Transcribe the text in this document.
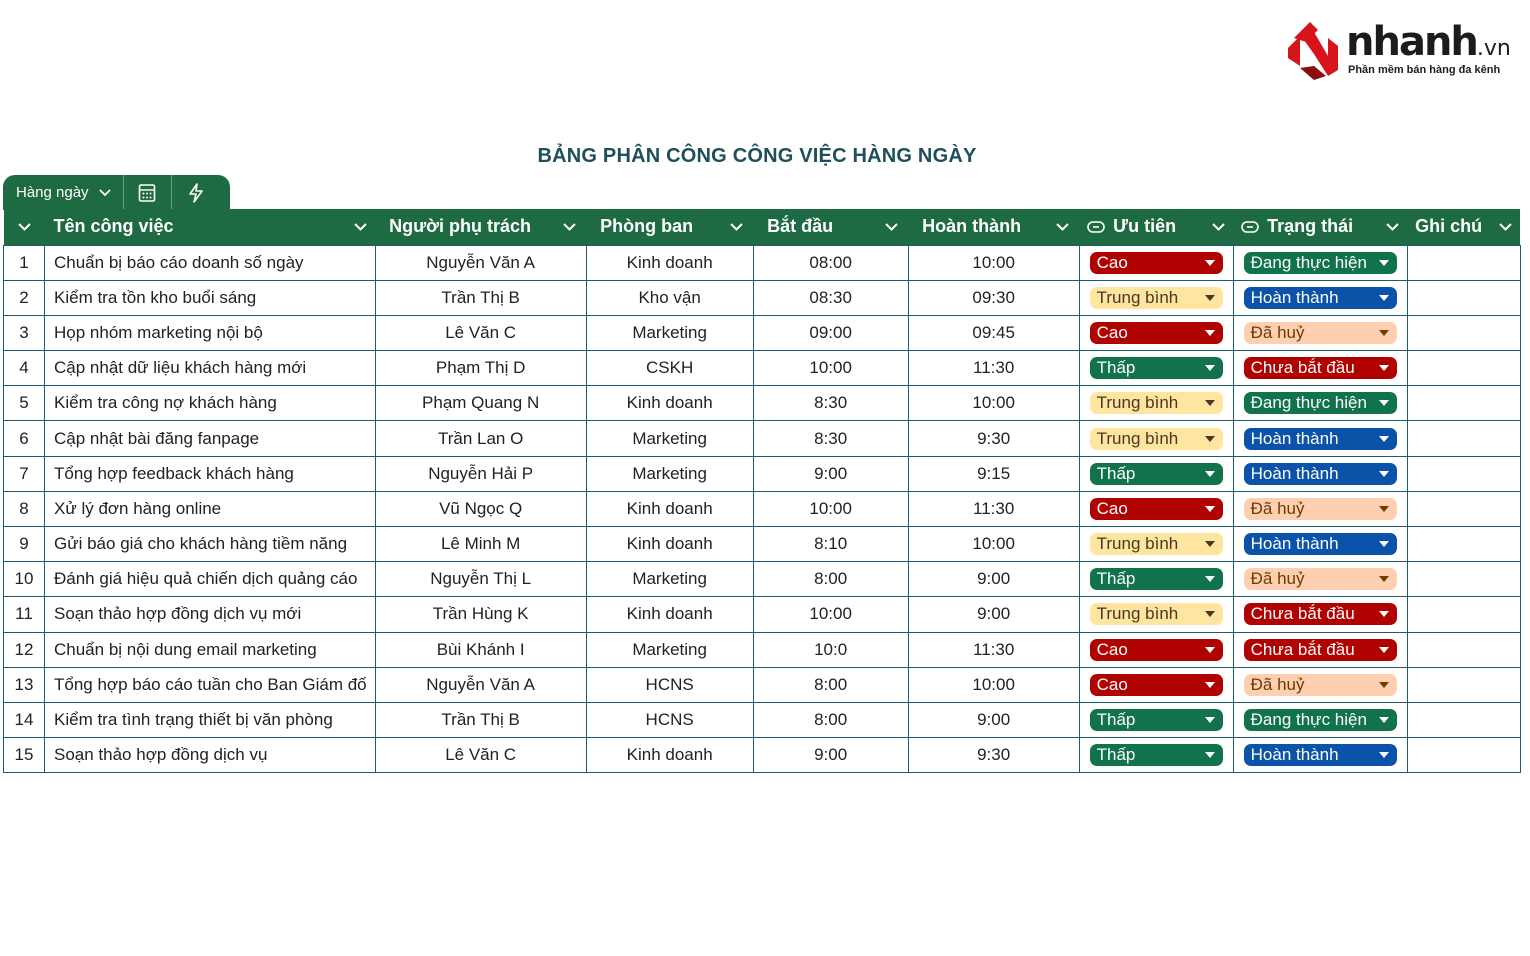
nhanh.vn
Phần mềm bán hàng đa kênh
BẢNG PHÂN CÔNG CÔNG VIỆC HÀNG NGÀY
Hàng ngày

Tên công việc	Người phụ trách	Phòng ban	Bắt đầu	Hoàn thành	Ưu tiên	Trạng thái	Ghi chú

1	Chuẩn bị báo cáo doanh số ngày	Nguyễn Văn A	Kinh doanh	08:00	10:00	Cao	Đang thực hiện	

2	Kiểm tra tồn kho buổi sáng	Trần Thị B	Kho vận	08:30	09:30	Trung bình	Hoàn thành	

3	Họp nhóm marketing nội bộ	Lê Văn C	Marketing	09:00	09:45	Cao	Đã huỷ	

4	Cập nhật dữ liệu khách hàng mới	Phạm Thị D	CSKH	10:00	11:30	Thấp	Chưa bắt đầu	

5	Kiểm tra công nợ khách hàng	Phạm Quang N	Kinh doanh	8:30	10:00	Trung bình	Đang thực hiện	

6	Cập nhật bài đăng fanpage	Trần Lan O	Marketing	8:30	9:30	Trung bình	Hoàn thành	

7	Tổng hợp feedback khách hàng	Nguyễn Hải P	Marketing	9:00	9:15	Thấp	Hoàn thành	

8	Xử lý đơn hàng online	Vũ Ngọc Q	Kinh doanh	10:00	11:30	Cao	Đã huỷ	

9	Gửi báo giá cho khách hàng tiềm năng	Lê Minh M	Kinh doanh	8:10	10:00	Trung bình	Hoàn thành	

10	Đánh giá hiệu quả chiến dịch quảng cáo	Nguyễn Thị L	Marketing	8:00	9:00	Thấp	Đã huỷ	

11	Soạn thảo hợp đồng dịch vụ mới	Trần Hùng K	Kinh doanh	10:00	9:00	Trung bình	Chưa bắt đầu	

12	Chuẩn bị nội dung email marketing	Bùi Khánh I	Marketing	10:0	11:30	Cao	Chưa bắt đầu	

13	Tổng hợp báo cáo tuần cho Ban Giám đố	Nguyễn Văn A	HCNS	8:00	10:00	Cao	Đã huỷ	

14	Kiểm tra tình trạng thiết bị văn phòng	Trần Thị B	HCNS	8:00	9:00	Thấp	Đang thực hiện	

15	Soạn thảo hợp đồng dịch vụ	Lê Văn C	Kinh doanh	9:00	9:30	Thấp	Hoàn thành	
